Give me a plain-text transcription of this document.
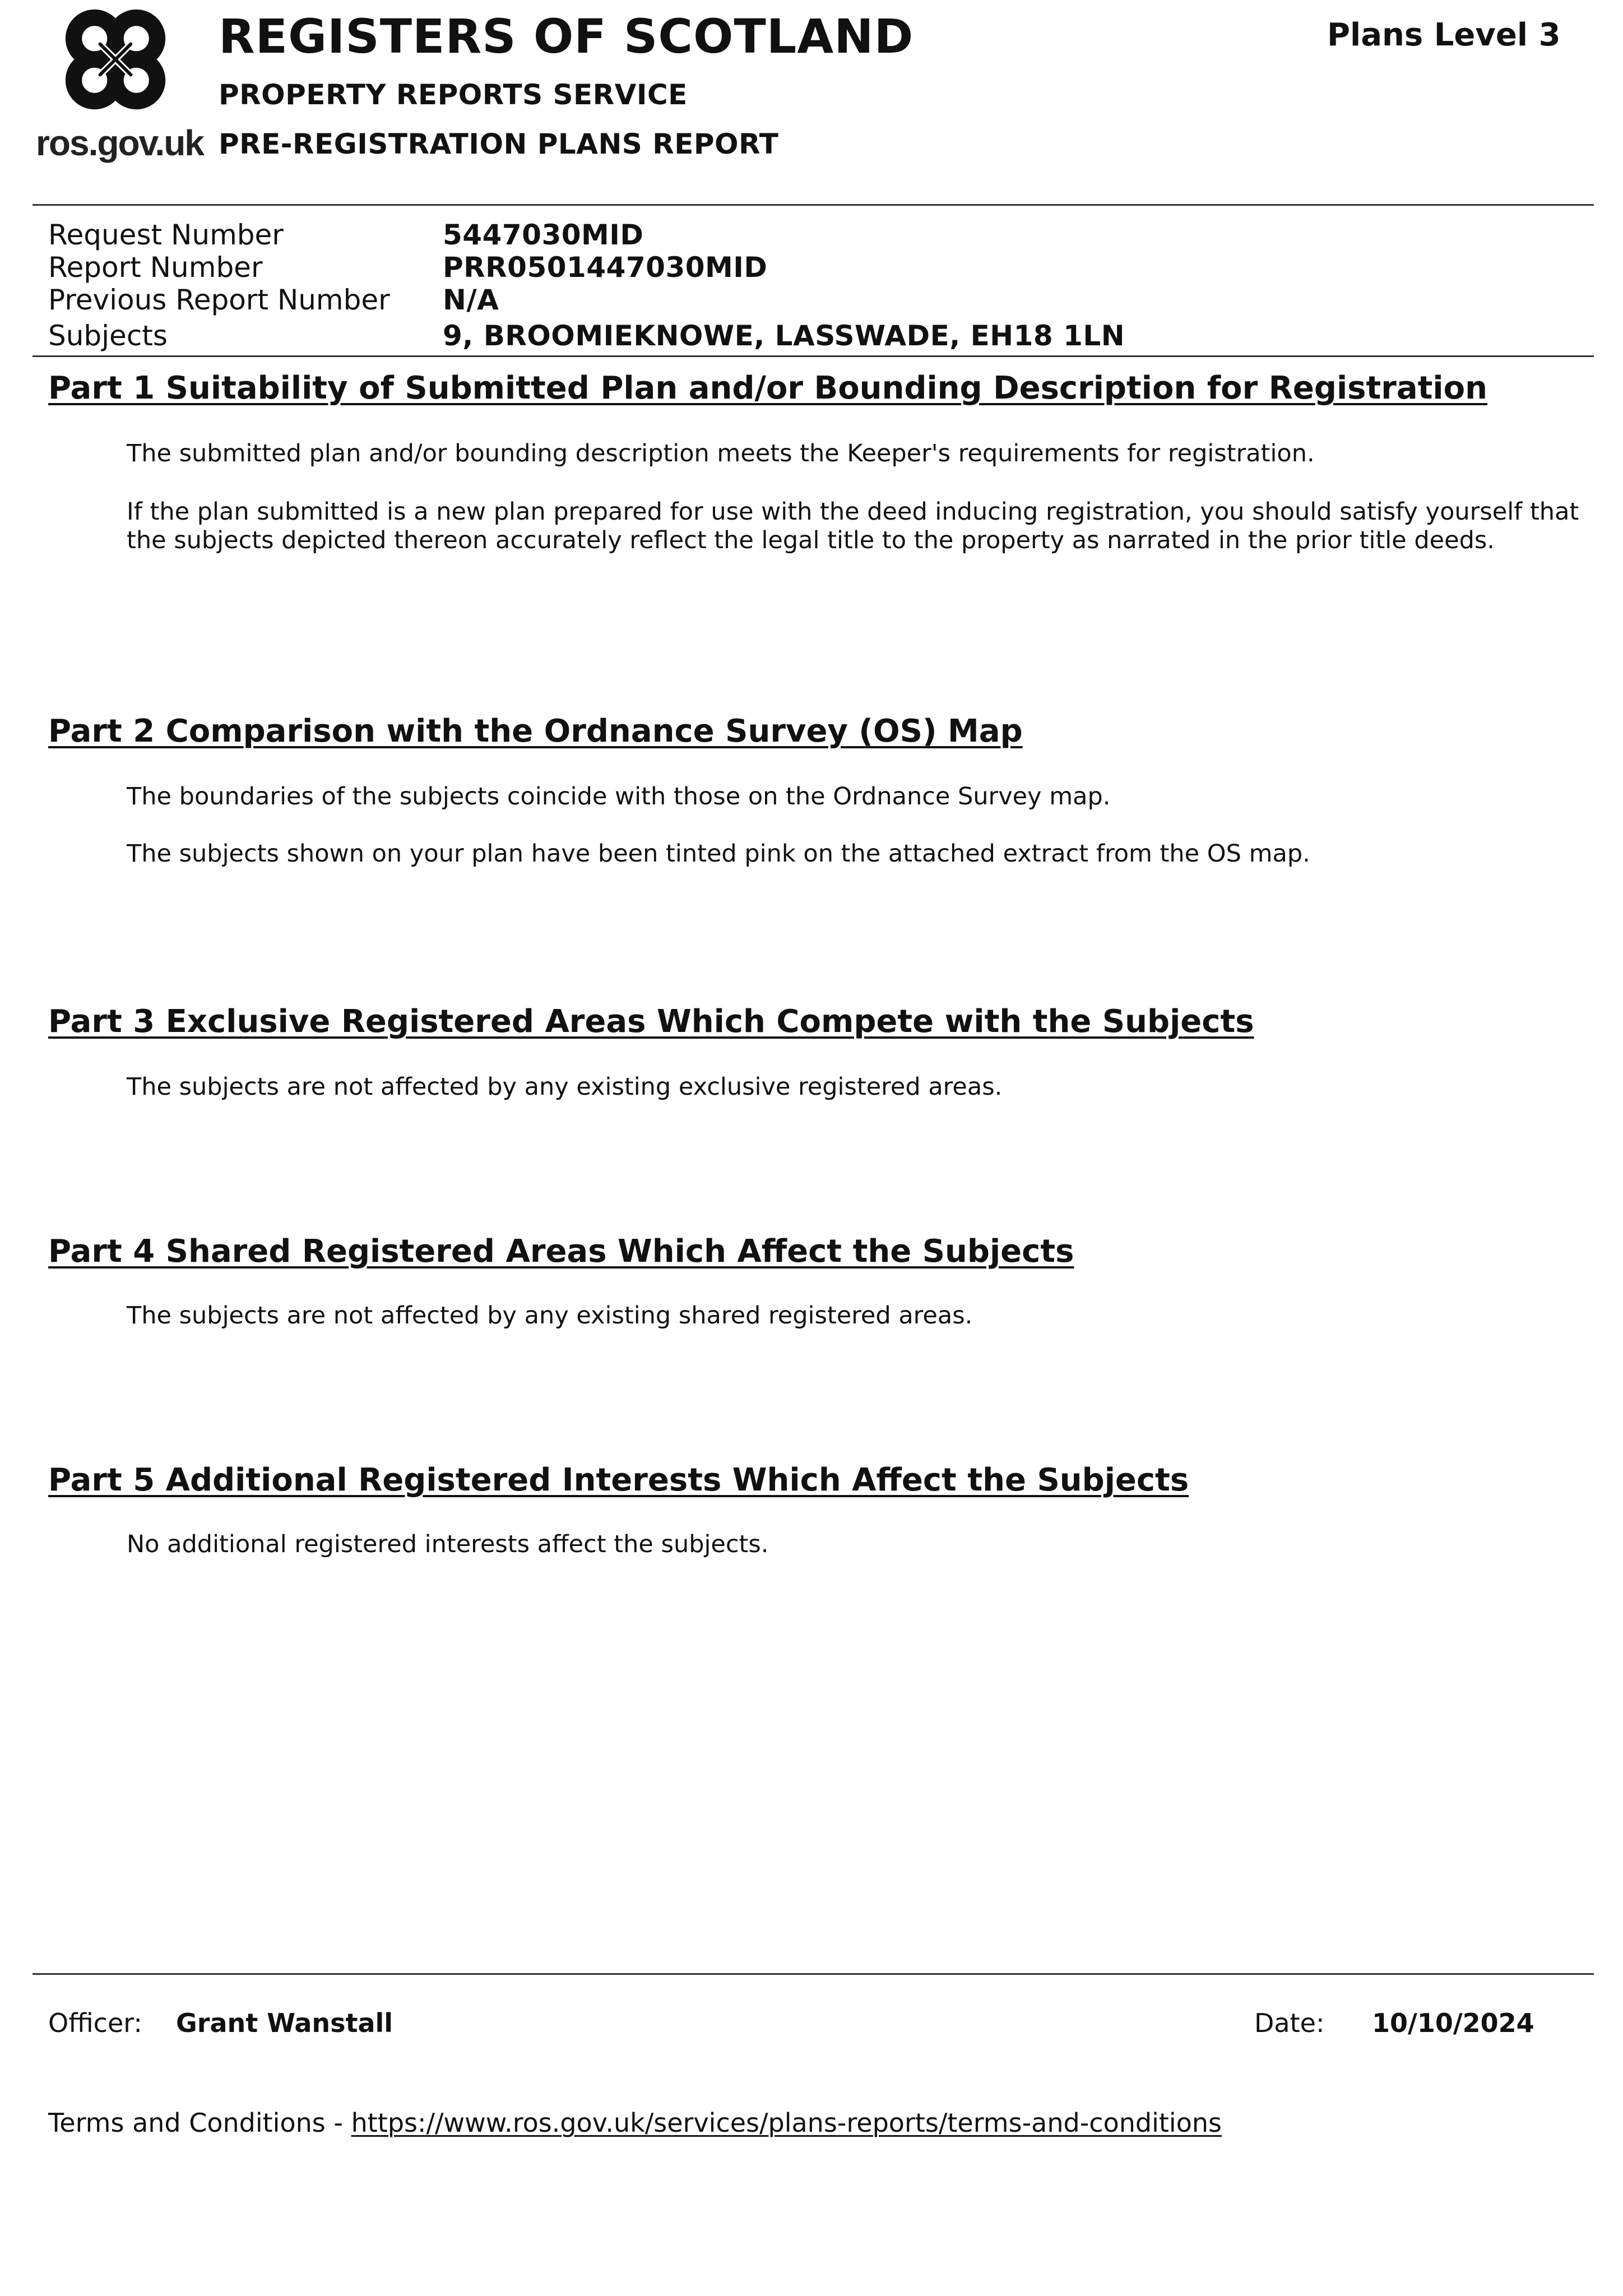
ros.gov.uk
REGISTERS OF SCOTLAND
PROPERTY REPORTS SERVICE
PRE-REGISTRATION PLANS REPORT
Plans Level 3
Request Number	5447030MID
Report Number	PRR0501447030MID
Previous Report Number N/A
Subjects	9, BROOMIEKNOWE, LASSWADE, EH18 1LN
Part 1 Suitability of Submitted Plan and/or Bounding Description for Registration
The submitted plan and/or bounding description meets the Keeper's requirements for registration.
If the plan submitted is a new plan prepared for use with the deed inducing registration, you should satisfy yourself that the subjects depicted thereon accurately reflect the legal title to the property as narrated in the prior title deeds.
Part 2 Comparison with the Ordnance Survey (OS) Map
The boundaries of the subjects coincide with those on the Ordnance Survey map.
The subjects shown on your plan have been tinted pink on the attached extract from the OS map.
Part 3 Exclusive Registered Areas Which Compete with the Subjects
The subjects are not affected by any existing exclusive registered areas.
Part 4 Shared Registered Areas Which Affect the Subjects
The subjects are not affected by any existing shared registered areas.
Part 5 Additional Registered Interests Which Affect the Subjects
No additional registered interests affect the subjects.
Officer: Grant Wanstall	Date: 10/10/2024
Terms and Conditions - https://www.ros.gov.uk/services/plans-reports/terms-and-conditions
